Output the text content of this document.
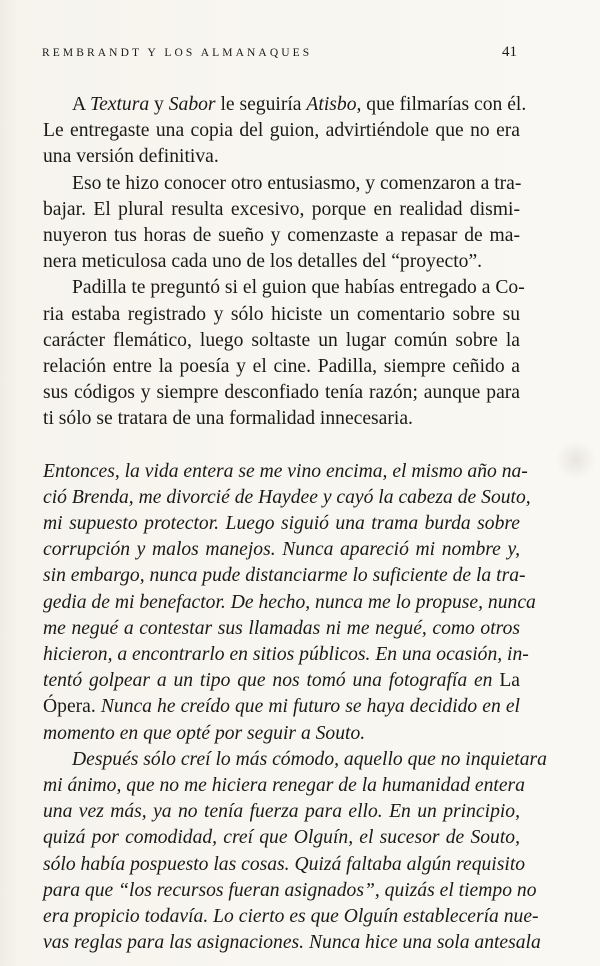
REMBRANDT Y LOS ALMANAQUES	41
A Textura y Sabor le seguiría Atisbo, que filmarías con él.
Le entregaste una copia del guion, advirtiéndole que no era
una versión definitiva.
Eso te hizo conocer otro entusiasmo, y comenzaron a tra-
bajar. El plural resulta excesivo, porque en realidad dismi-
nuyeron tus horas de sueño y comenzaste a repasar de ma-
nera meticulosa cada uno de los detalles del “proyecto”.
Padilla te preguntó si el guion que habías entregado a Co-
ria estaba registrado y sólo hiciste un comentario sobre su
carácter flemático, luego soltaste un lugar común sobre la
relación entre la poesía y el cine. Padilla, siempre ceñido a
sus códigos y siempre desconfiado tenía razón; aunque para
ti sólo se tratara de una formalidad innecesaria.
Entonces, la vida entera se me vino encima, el mismo año na-
ció Brenda, me divorcié de Haydee y cayó la cabeza de Souto,
mi supuesto protector. Luego siguió una trama burda sobre
corrupción y malos manejos. Nunca apareció mi nombre y,
sin embargo, nunca pude distanciarme lo suficiente de la tra-
gedia de mi benefactor. De hecho, nunca me lo propuse, nunca
me negué a contestar sus llamadas ni me negué, como otros
hicieron, a encontrarlo en sitios públicos. En una ocasión, in-
tentó golpear a un tipo que nos tomó una fotografía en La
Ópera. Nunca he creído que mi futuro se haya decidido en el
momento en que opté por seguir a Souto.
Después sólo creí lo más cómodo, aquello que no inquietara
mi ánimo, que no me hiciera renegar de la humanidad entera
una vez más, ya no tenía fuerza para ello. En un principio,
quizá por comodidad, creí que Olguín, el sucesor de Souto,
sólo había pospuesto las cosas. Quizá faltaba algún requisito
para que “los recursos fueran asignados”, quizás el tiempo no
era propicio todavía. Lo cierto es que Olguín establecería nue-
vas reglas para las asignaciones. Nunca hice una sola antesala
